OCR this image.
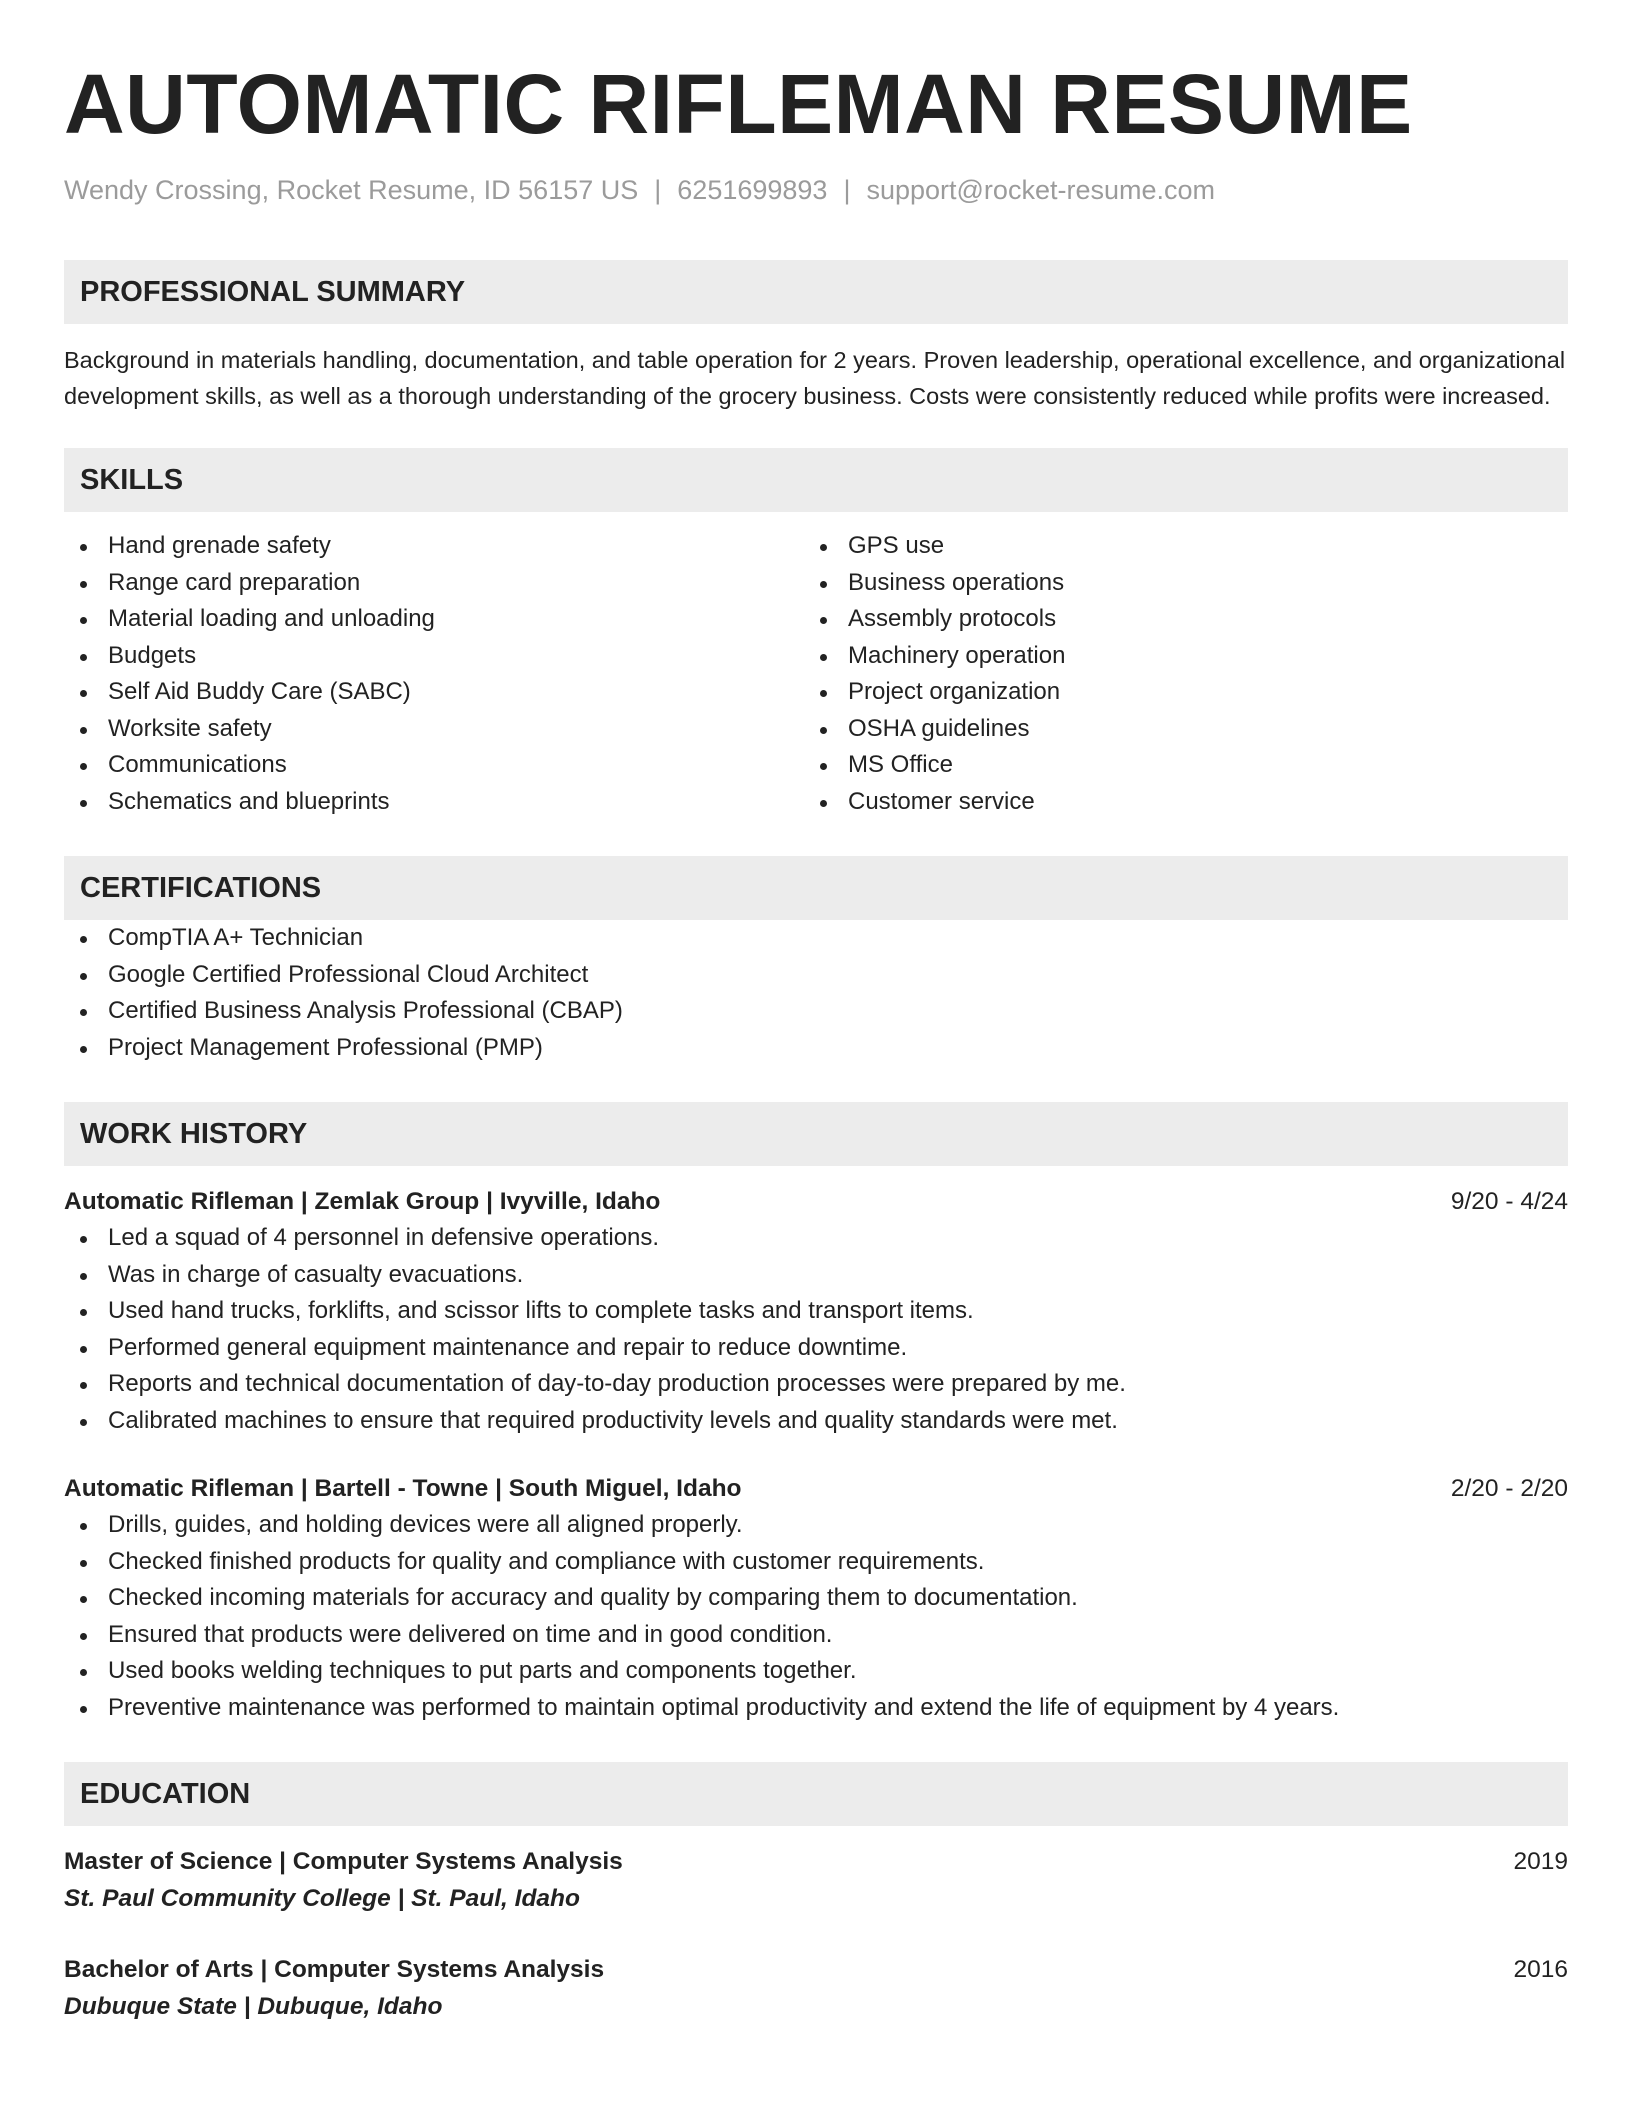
AUTOMATIC RIFLEMAN RESUME
Wendy Crossing, Rocket Resume, ID 56157 US | 6251699893 | support@rocket-resume.com
PROFESSIONAL SUMMARY

Background in materials handling, documentation, and table operation for 2 years. Proven leadership, operational excellence, and organizational development skills, as well as a thorough understanding of the grocery business. Costs were consistently reduced while profits were increased.

SKILLS
Hand grenade safety
Range card preparation
Material loading and unloading
Budgets
Self Aid Buddy Care (SABC)
Worksite safety
Communications
Schematics and blueprints
GPS use
Business operations
Assembly protocols
Machinery operation
Project organization
OSHA guidelines
MS Office
Customer service
CERTIFICATIONS
CompTIA A+ Technician
Google Certified Professional Cloud Architect
Certified Business Analysis Professional (CBAP)
Project Management Professional (PMP)
WORK HISTORY
Automatic Rifleman | Zemlak Group | Ivyville, Idaho	9/20 - 4/24
Led a squad of 4 personnel in defensive operations.
Was in charge of casualty evacuations.
Used hand trucks, forklifts, and scissor lifts to complete tasks and transport items.
Performed general equipment maintenance and repair to reduce downtime.
Reports and technical documentation of day-to-day production processes were prepared by me.
Calibrated machines to ensure that required productivity levels and quality standards were met.
Automatic Rifleman | Bartell - Towne | South Miguel, Idaho	2/20 - 2/20
Drills, guides, and holding devices were all aligned properly.
Checked finished products for quality and compliance with customer requirements.
Checked incoming materials for accuracy and quality by comparing them to documentation.
Ensured that products were delivered on time and in good condition.
Used books welding techniques to put parts and components together.
Preventive maintenance was performed to maintain optimal productivity and extend the life of equipment by 4 years.
EDUCATION
Master of Science | Computer Systems Analysis	2019
St. Paul Community College | St. Paul, Idaho
Bachelor of Arts | Computer Systems Analysis	2016
Dubuque State | Dubuque, Idaho
